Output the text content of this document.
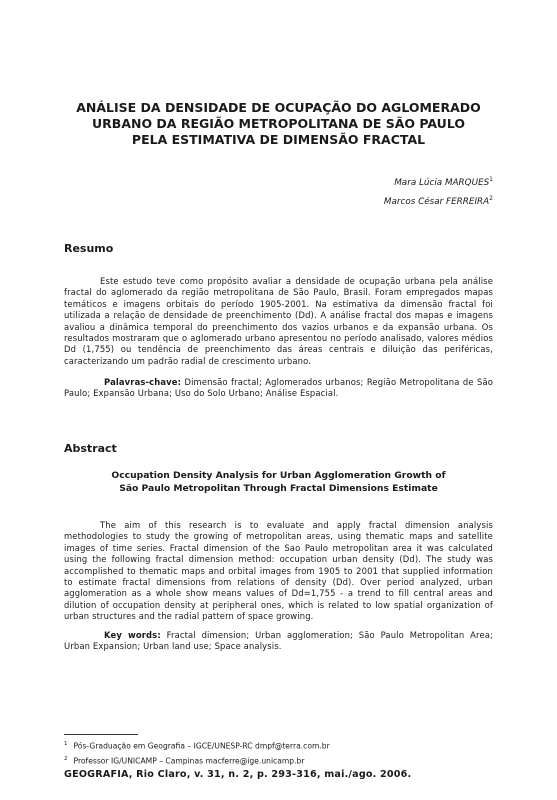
ANÁLISE DA DENSIDADE DE OCUPAÇÃO DO AGLOMERADO
URBANO DA REGIÃO METROPOLITANA DE SÃO PAULO
PELA ESTIMATIVA DE DIMENSÃO FRACTAL
Mara Lúcia MARQUES$^1$
Marcos César FERREIRA$^2$
Resumo

Este estudo teve como propósito avaliar a densidade de ocupação urbana pela análise fractal do aglomerado da região metropolitana de São Paulo, Brasil. Foram empregados mapas temáticos e imagens orbitais do período 1905-2001. Na estimativa da dimensão fractal foi utilizada a relação de densidade de preenchimento (Dd). A análise fractal dos mapas e imagens avaliou a dinâmica temporal do preenchimento dos vazios urbanos e da expansão urbana. Os resultados mostraram que o aglomerado urbano apresentou no período analisado, valores médios Dd (1,755) ou tendência de preenchimento das áreas centrais e diluição das periféricas, caracterizando um padrão radial de crescimento urbano.

Palavras-chave: Dimensão fractal; Aglomerados urbanos; Região Metropolitana de São Paulo; Expansão Urbana; Uso do Solo Urbano; Análise Espacial.

Abstract
Occupation Density Analysis for Urban Agglomeration Growth of
São Paulo Metropolitan Through Fractal Dimensions Estimate

The aim of this research is to evaluate and apply fractal dimension analysis methodologies to study the growing of metropolitan areas, using thematic maps and satellite images of time series. Fractal dimension of the Sao Paulo metropolitan area it was calculated using the following fractal dimension method: occupation urban density (Dd). The study was accomplished to thematic maps and orbital images from 1905 to 2001 that supplied information to estimate fractal dimensions from relations of density (Dd). Over period analyzed, urban agglomeration as a whole show means values of Dd=1,755 - a trend to fill central areas and dilution of occupation density at peripheral ones, which is related to low spatial organization of urban structures and the radial pattern of space growing.

Key words: Fractal dimension; Urban agglomeration; São Paulo Metropolitan Area; Urban Expansion; Urban land use; Space analysis.

$^1$ Pós-Graduação em Geografia – IGCE/UNESP-RC dmpf@terra.com.br
$^2$ Professor IG/UNICAMP – Campinas macferre@ige.unicamp.br
GEOGRAFIA, Rio Claro, v. 31, n. 2, p. 293-316, mai./ago. 2006.
